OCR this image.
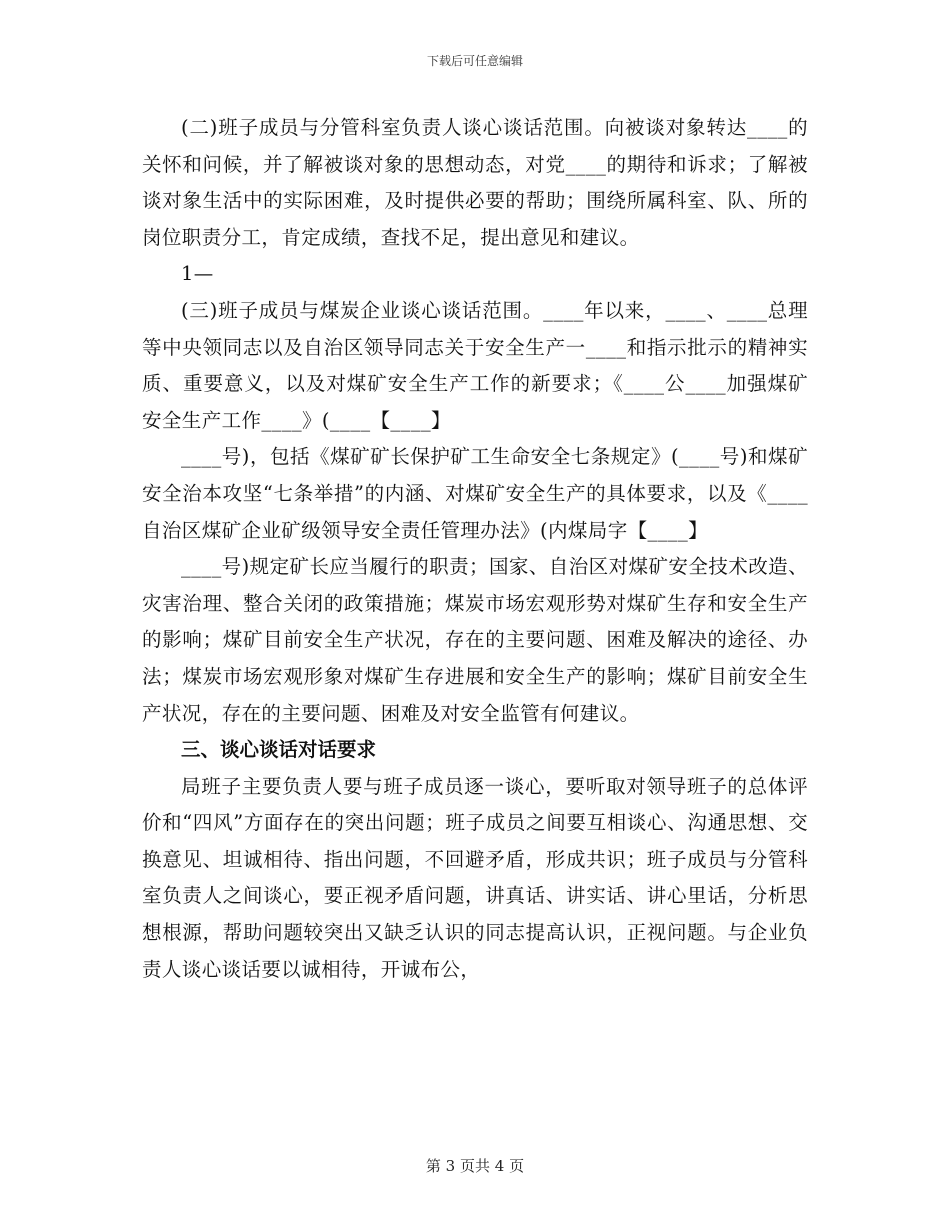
下载后可任意编辑

(二)班子成员与分管科室负责人谈心谈话范围。向被谈对象转达____的关怀和问候，并了解被谈对象的思想动态，对党____的期待和诉求；了解被谈对象生活中的实际困难，及时提供必要的帮助；围绕所属科室、队、所的岗位职责分工，肯定成绩，查找不足，提出意见和建议。

1—

(三)班子成员与煤炭企业谈心谈话范围。____年以来，____、____总理等中央领同志以及自治区领导同志关于安全生产一____和指示批示的精神实质、重要意义，以及对煤矿安全生产工作的新要求；《____公____加强煤矿安全生产工作____》(____【____】

____号)，包括《煤矿矿长保护矿工生命安全七条规定》(____号)和煤矿安全治本攻坚“七条举措”的内涵、对煤矿安全生产的具体要求，以及《____自治区煤矿企业矿级领导安全责任管理办法》(内煤局字【____】

____号)规定矿长应当履行的职责；国家、自治区对煤矿安全技术改造、灾害治理、整合关闭的政策措施；煤炭市场宏观形势对煤矿生存和安全生产的影响；煤矿目前安全生产状况，存在的主要问题、困难及解决的途径、办法；煤炭市场宏观形象对煤矿生存进展和安全生产的影响；煤矿目前安全生产状况，存在的主要问题、困难及对安全监管有何建议。

三、谈心谈话对话要求

局班子主要负责人要与班子成员逐一谈心，要听取对领导班子的总体评价和“四风”方面存在的突出问题；班子成员之间要互相谈心、沟通思想、交换意见、坦诚相待、指出问题，不回避矛盾，形成共识；班子成员与分管科室负责人之间谈心，要正视矛盾问题，讲真话、讲实话、讲心里话，分析思想根源，帮助问题较突出又缺乏认识的同志提高认识，正视问题。与企业负责人谈心谈话要以诚相待，开诚布公，

第 3 页共 4 页
